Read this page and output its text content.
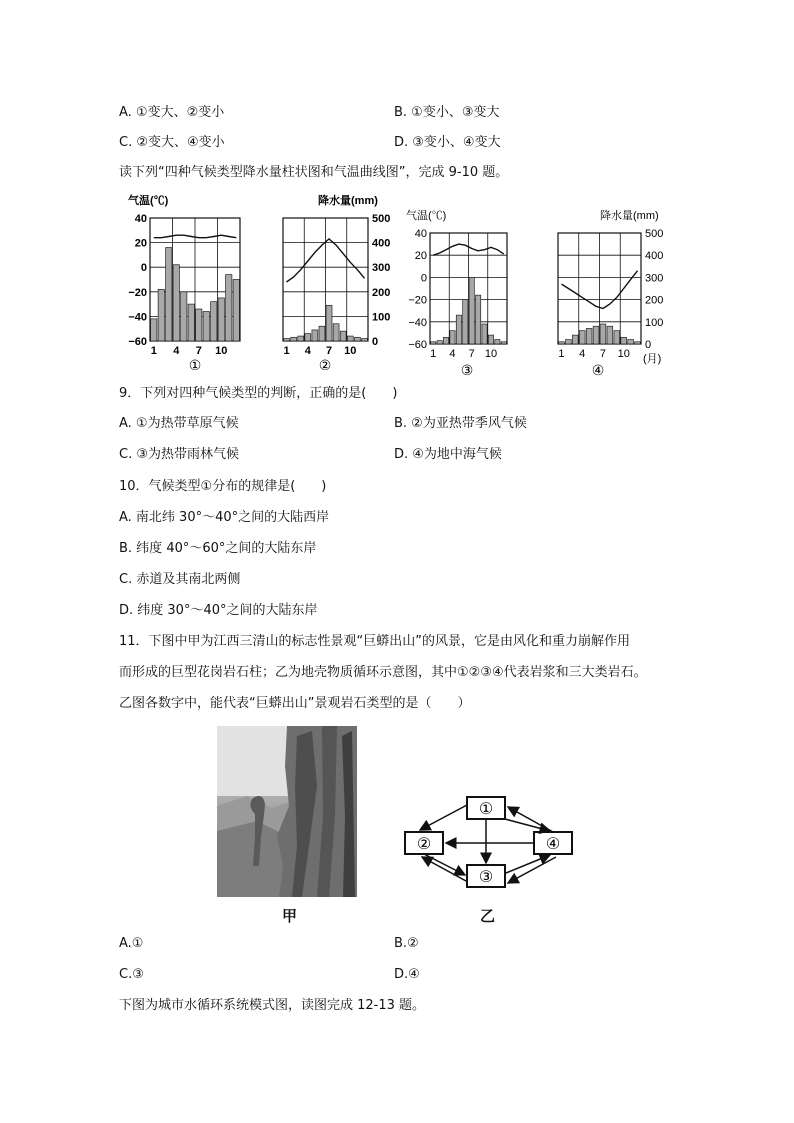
A. ①变大、②变小	B. ①变小、③变大
C. ②变大、④变小	D. ③变小、④变大
读下列“四种气候类型降水量柱状图和气温曲线图”，完成 9-10 题。
气温(℃)
40
20
0
−20
−40
−60
1 4 7 10
①
降水量(mm)
500
400
300
200
100
0
1 4 7 10
②
气温(℃)
40
20
0
−20
−40
−60
1 4 7 10
③
降水量(mm)
500
400
300
200
100
0
1 4 7 10 (月)
④
9．下列对四种气候类型的判断，正确的是(　　)
A. ①为热带草原气候	B. ②为亚热带季风气候
C. ③为热带雨林气候	D. ④为地中海气候
10．气候类型①分布的规律是(　　)
A. 南北纬 30°～40°之间的大陆西岸
B. 纬度 40°～60°之间的大陆东岸
C. 赤道及其南北两侧
D. 纬度 30°～40°之间的大陆东岸
11．下图中甲为江西三清山的标志性景观“巨蟒出山”的风景，它是由风化和重力崩解作用
而形成的巨型花岗岩石柱；乙为地壳物质循环示意图，其中①②③④代表岩浆和三大类岩石。
乙图各数字中，能代表“巨蟒出山”景观岩石类型的是（　　）
甲
①
②
③
④
乙
A.①	B.②
C.③	D.④
下图为城市水循环系统模式图，读图完成 12-13 题。
